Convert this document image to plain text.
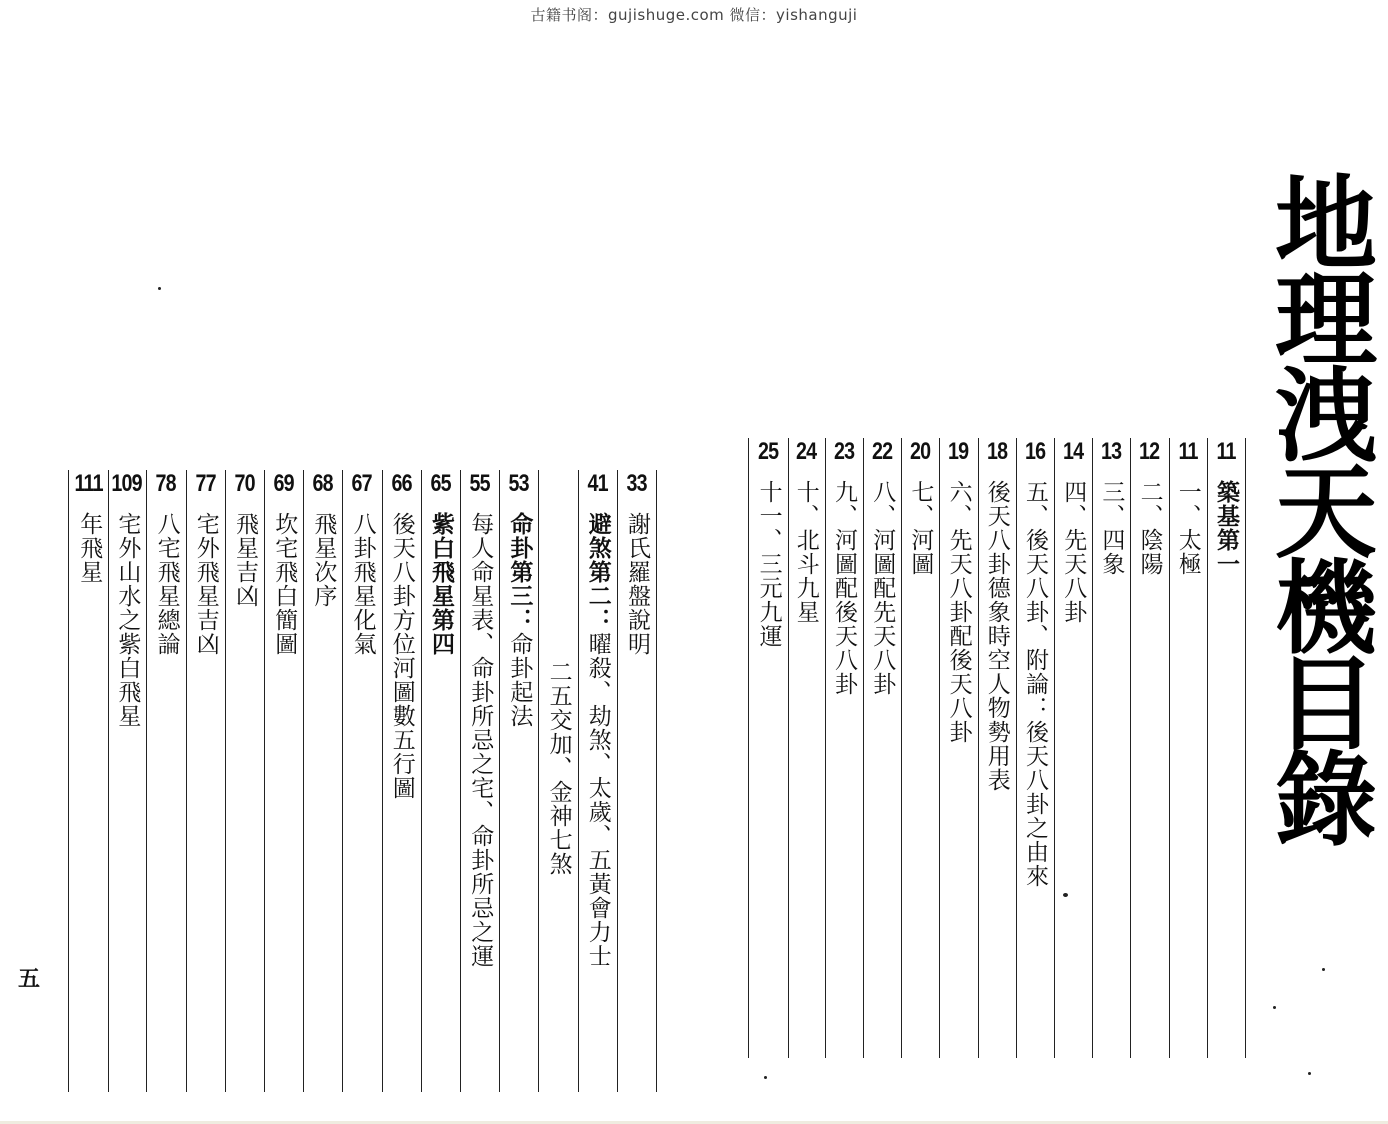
古籍书阁：gujishuge.com 微信：yishanguji
地理洩天機目錄
11
築基第一
11
一、太極
12
二、陰陽
13
三、四象
14
四、先天八卦
16
五、後天八卦、附論：後天八卦之由來
18
後天八卦德象時空人物勢用表
19
六、先天八卦配後天八卦
20
七、河圖
22
八、河圖配先天八卦
23
九、河圖配後天八卦
24
十、北斗九星
25
十一、三元九運
33
謝氏羅盤說明
41
避煞第二：曜殺、劫煞、太歲、五黃會力士
二五交加、金神七煞
53
命卦第三：命卦起法
55
每人命星表、命卦所忌之宅、命卦所忌之運
65
紫白飛星第四
66
後天八卦方位河圖數五行圖
67
八卦飛星化氣
68
飛星次序
69
坎宅飛白簡圖
70
飛星吉凶
77
宅外飛星吉凶
78
八宅飛星總論
109
宅外山水之紫白飛星
111
年飛星
五
